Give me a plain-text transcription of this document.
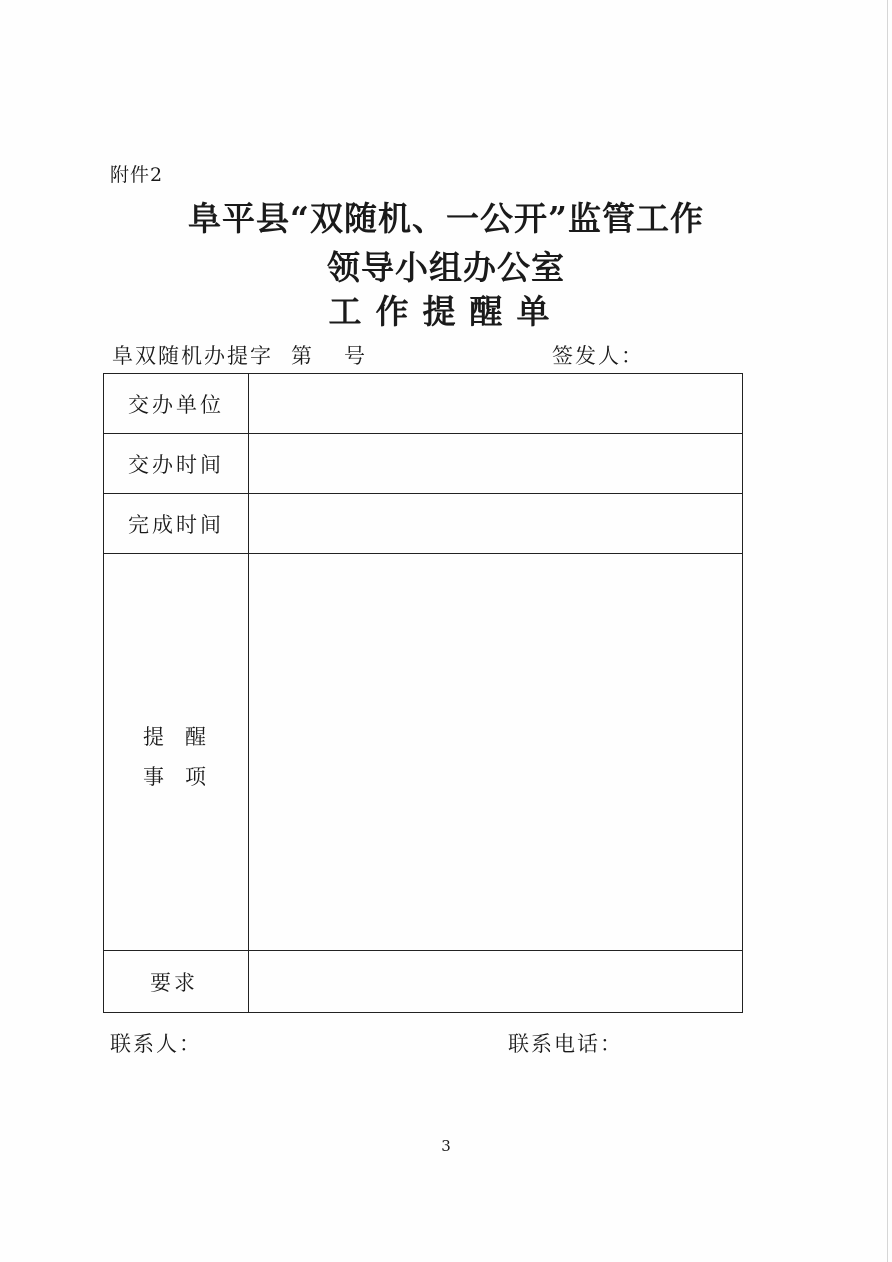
附件2
阜平县“双随机、一公开”监管工作
领导小组办公室
工作提醒单
阜双随机办提字 第 号	签发人：
交办单位	

交办时间	

完成时间	

提 醒
事 项	

要求	

联系人：	联系电话：
3
